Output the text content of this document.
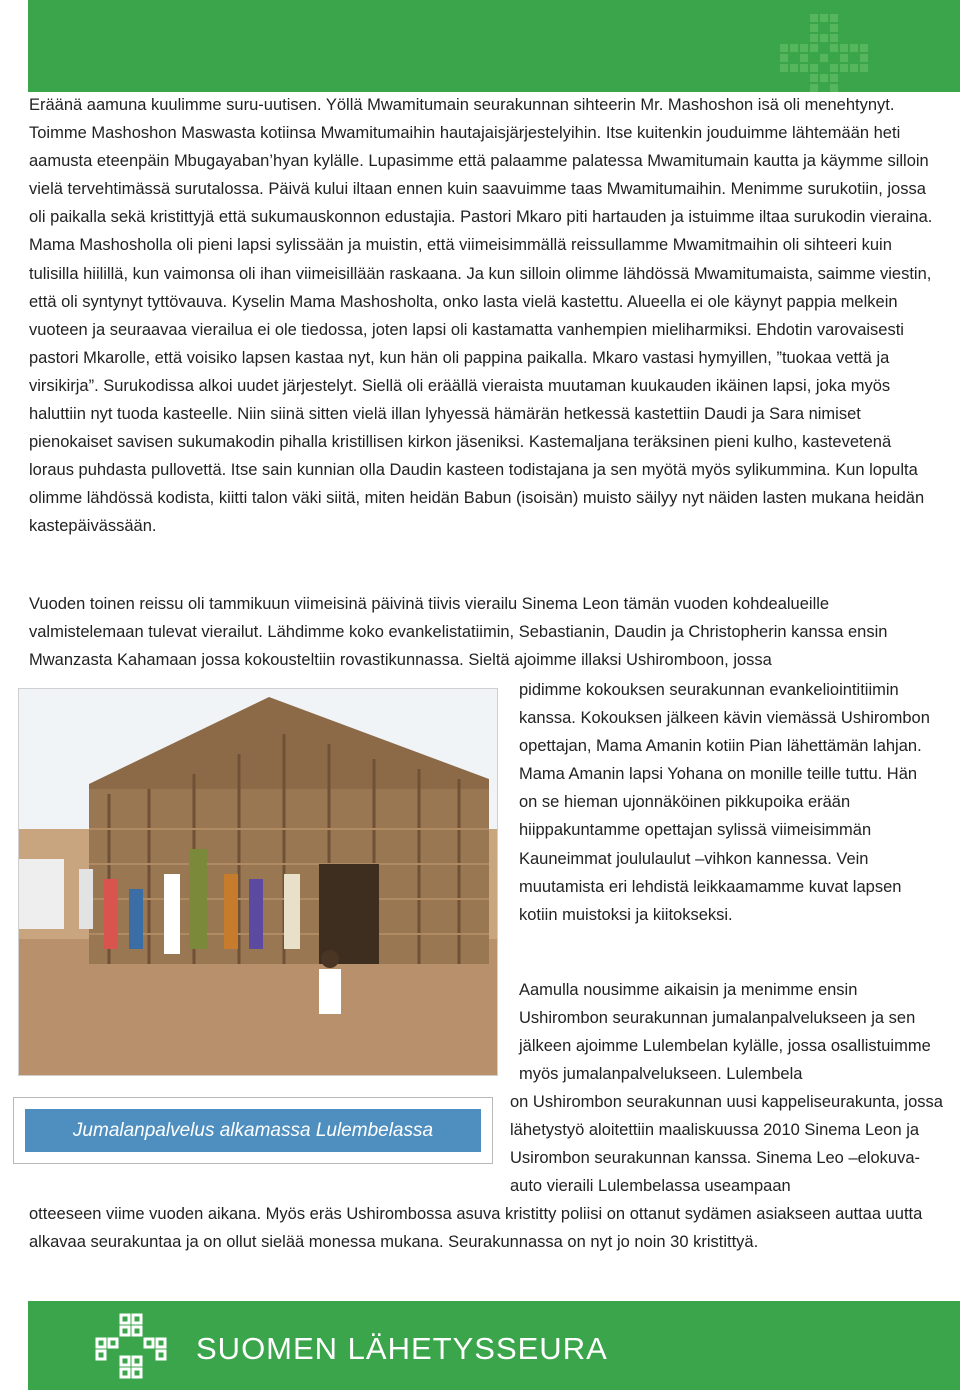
Eräänä aamuna kuulimme suru-uutisen. Yöllä Mwamitumain seurakunnan sihteerin Mr. Mashoshon isä oli menehtynyt. Toimme Mashoshon Maswasta kotiinsa Mwamitumaihin hautajaisjärjestelyihin. Itse kuitenkin jouduimme lähtemään heti aamusta eteenpäin Mbugayaban’hyan kylälle. Lupasimme että palaamme palatessa Mwamitumain kautta ja käymme silloin vielä tervehtimässä surutalossa. Päivä kului iltaan ennen kuin saavuimme taas Mwamitumaihin. Menimme surukotiin, jossa oli paikalla sekä kristittyjä että sukumauskonnon edustajia. Pastori Mkaro piti hartauden ja istuimme iltaa surukodin vieraina. Mama Mashosholla oli pieni lapsi sylissään ja muistin, että viimeisimmällä reissullamme Mwamitmaihin oli sihteeri kuin tulisilla hiilillä, kun vaimonsa oli ihan viimeisillään raskaana. Ja kun silloin olimme lähdössä Mwamitumaista, saimme viestin, että oli syntynyt tyttövauva. Kyselin Mama Mashosholta, onko lasta vielä kastettu. Alueella ei ole käynyt pappia melkein vuoteen ja seuraavaa vierailua ei ole tiedossa, joten lapsi oli kastamatta vanhempien mieliharmiksi. Ehdotin varovaisesti pastori Mkarolle, että voisiko lapsen kastaa nyt, kun hän oli pappina paikalla. Mkaro vastasi hymyillen, ”tuokaa vettä ja virsikirja”. Surukodissa alkoi uudet järjestelyt. Siellä oli eräällä vieraista muutaman kuukauden ikäinen lapsi, joka myös haluttiin nyt tuoda kasteelle. Niin siinä sitten vielä illan lyhyessä hämärän hetkessä kastettiin Daudi ja Sara nimiset pienokaiset savisen sukumakodin pihalla kristillisen kirkon jäseniksi. Kastemaljana teräksinen pieni kulho, kastevetenä loraus puhdasta pullovettä. Itse sain kunnian olla Daudin kasteen todistajana ja sen myötä myös sylikummina. Kun lopulta olimme lähdössä kodista, kiitti talon väki siitä, miten heidän Babun (isoisän) muisto säilyy nyt näiden lasten mukana heidän kastepäivässään.

Vuoden toinen reissu oli tammikuun viimeisinä päivinä tiivis vierailu Sinema Leon tämän vuoden kohdealueille valmistelemaan tulevat vierailut. Lähdimme koko evankelistatiimin, Sebastianin, Daudin ja Christopherin kanssa ensin Mwanzasta Kahamaan jossa kokousteltiin rovastikunnassa. Sieltä ajoimme illaksi Ushiromboon, jossa

pidimme kokouksen seurakunnan evankeliointitiimin kanssa. Kokouksen jälkeen kävin viemässä Ushirombon opettajan, Mama Amanin kotiin Pian lähettämän lahjan. Mama Amanin lapsi Yohana on monille teille tuttu. Hän on se hieman ujonnäköinen pikkupoika erään hiippakuntamme opettajan sylissä viimeisimmän Kauneimmat joululaulut –vihkon kannessa. Vein muutamista eri lehdistä leikkaamamme kuvat lapsen kotiin muistoksi ja kiitokseksi.

Aamulla nousimme aikaisin ja menimme ensin Ushirombon seurakunnan jumalanpalvelukseen ja sen jälkeen ajoimme Lulembelan kylälle, jossa osallistuimme myös jumalanpalvelukseen. Lulembela

on Ushirombon seurakunnan uusi kappeliseurakunta, jossa lähetystyö aloitettiin maaliskuussa 2010 Sinema Leon ja Usirombon seurakunnan kanssa. Sinema Leo –elokuva-auto vieraili Lulembelassa useampaan

Jumalanpalvelus alkamassa Lulembelassa

otteeseen viime vuoden aikana. Myös eräs Ushirombossa asuva kristitty poliisi on ottanut sydämen asiakseen auttaa uutta alkavaa seurakuntaa ja on ollut sielää monessa mukana. Seurakunnassa on nyt jo noin 30 kristittyä.

SUOMEN LÄHETYSSEURA
